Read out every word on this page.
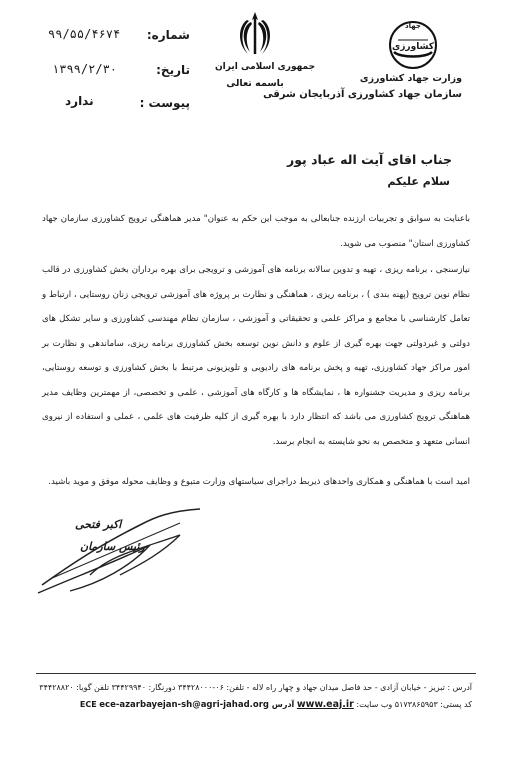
شماره:
۹۹/۵۵/۴۶۷۴
تاریخ:
۱۳۹۹/۲/۳۰
پیوست :
ندارد
جمهوری اسلامی ایران
باسمه تعالی
جهاد
کشاورزی
وزارت جهاد کشاورزی
سازمان جهاد کشاورزی آذربایجان شرقی
جناب اقای آیت اله عباد پور
سلام علیکم
باعنایت به سوابق و تجربیات ارزنده جنابعالی به موجب این حکم به عنوان" مدیر هماهنگی ترویج کشاورزی سازمان جهاد کشاورزی استان" منصوب می شوید.
نیازسنجی ، برنامه ریزی ، تهیه و تدوین سالانه برنامه های آموزشی و ترویجی برای بهره برداران بخش کشاورزی در قالب نظام نوین ترویج (پهنه بندی ) ، برنامه ریزی ، هماهنگی و نظارت بر پروژه های آموزشی ترویجی زنان روستایی ، ارتباط و تعامل کارشناسی با مجامع و مراکز علمی و تحقیقاتی و آموزشی ، سازمان نظام مهندسی کشاورزی و سایر تشکل های دولتی و غیردولتی جهت بهره گیری از علوم و دانش نوین توسعه بخش کشاورزی برنامه ریزی، ساماندهی و نظارت بر امور مراکز جهاد کشاورزی، تهیه و پخش برنامه های رادیویی و تلویزیونی مرتبط با بخش کشاورزی و توسعه روستایی، برنامه ریزی و مدیریت جشنواره ها ، نمایشگاه ها و کارگاه های آموزشی ، علمی و تخصصی، از مهمترین وظایف مدیر هماهنگی ترویج کشاورزی می باشد که انتظار دارد با بهره گیری از کلیه ظرفیت های علمی ، عملی و استفاده از نیروی انسانی متعهد و متخصص به نحو شایسته به انجام برسد.
امید است با هماهنگی و همکاری واحدهای ذیربط دراجرای سیاستهای وزارت متبوع و وظایف محوله موفق و موید باشید.
اکبر فتحی
رئیس سازمان
آدرس : تبریز - خیابان آزادی - حد فاصل میدان جهاد و چهار راه لاله - تلفن: ۰۶-۳۴۴۲۸۰۰۰ دورنگار: ۳۴۴۲۹۹۴۰ تلفن گویا: ۳۴۴۲۸۸۲۰
کد پستی: ۵۱۷۳۸۶۵۹۵۳ وب سایت: www.eaj.ir آدرس ECE ece-azarbayejan-sh@agri-jahad.org
